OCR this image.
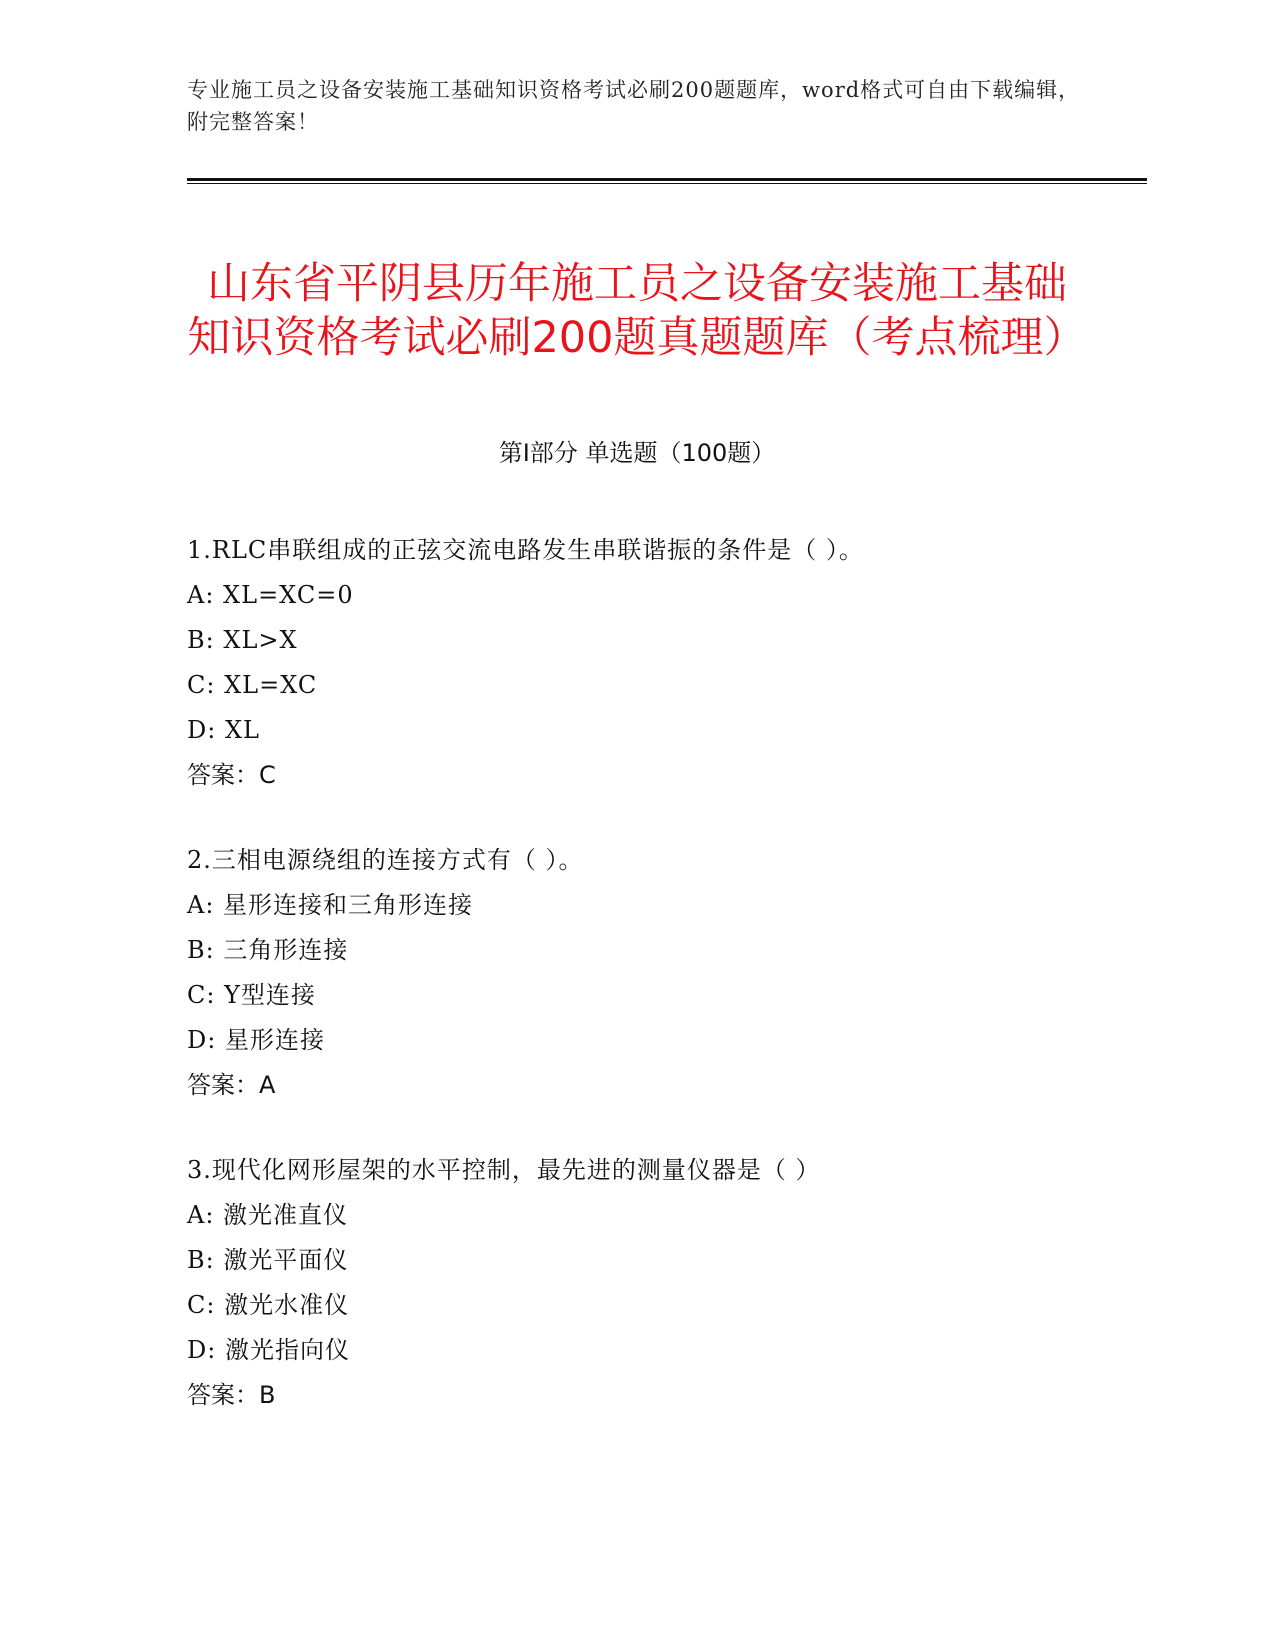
专业施工员之设备安装施工基础知识资格考试必刷200题题库，word格式可自由下载编辑，附完整答案！
山东省平阴县历年施工员之设备安装施工基础知识资格考试必刷200题真题题库（考点梳理）
第Ⅰ部分 单选题（100题）
1.RLC串联组成的正弦交流电路发生串联谐振的条件是（ ）。
A: XL=XC=0
B: XL>X
C: XL=XC
D: XL
答案：C
2.三相电源绕组的连接方式有（ ）。
A: 星形连接和三角形连接
B: 三角形连接
C: Y型连接
D: 星形连接
答案：A
3.现代化网形屋架的水平控制，最先进的测量仪器是（ ）
A: 激光准直仪
B: 激光平面仪
C: 激光水准仪
D: 激光指向仪
答案：B
